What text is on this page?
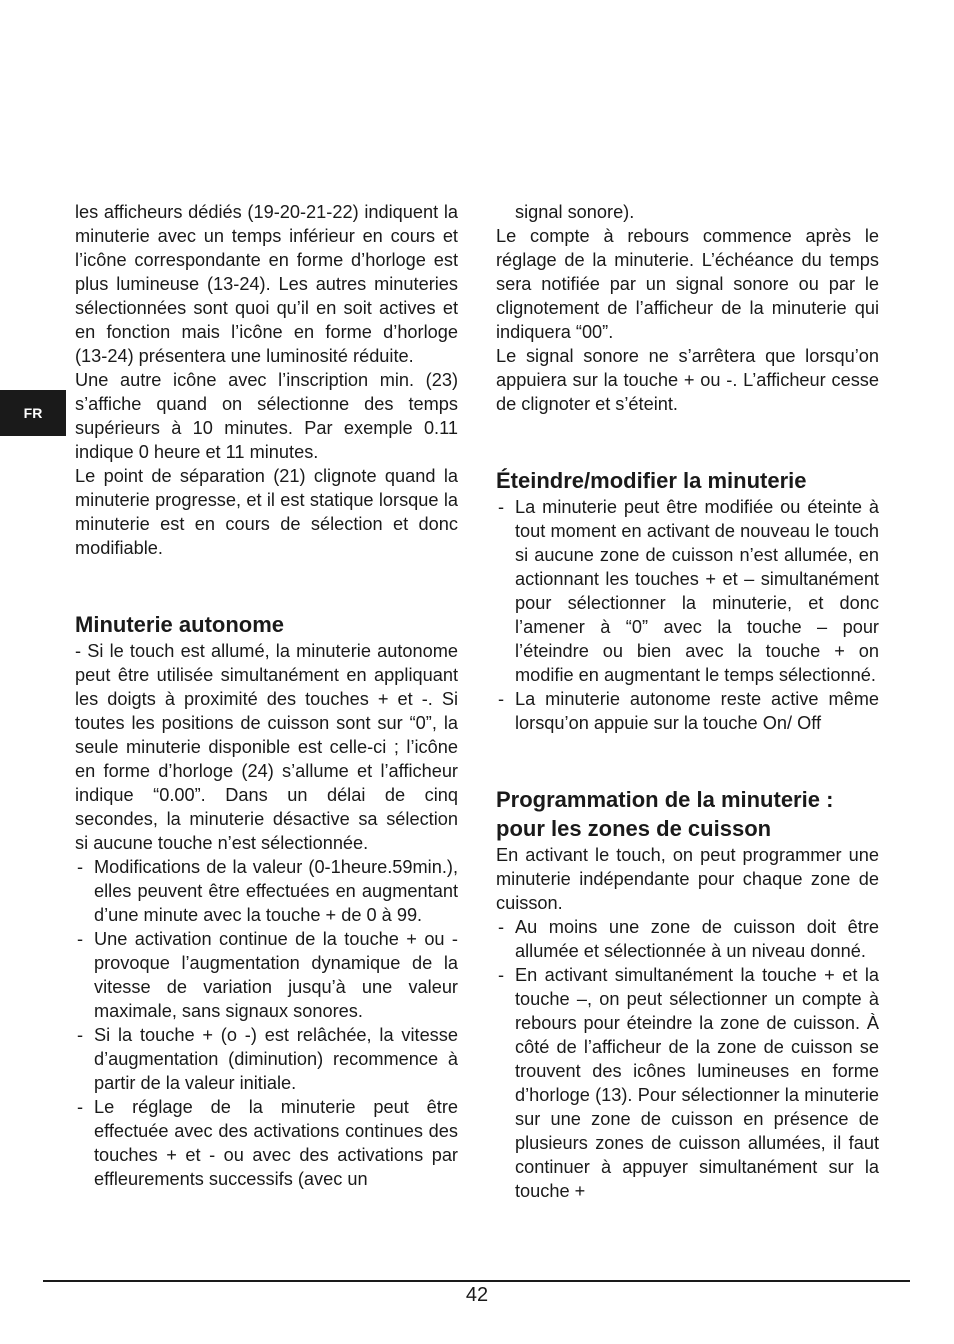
FR

les afficheurs dédiés (19-20-21-22) indiquent la minuterie avec un temps inférieur en cours et l’icône correspondante en forme d’horloge est plus lumineuse (13-24). Les autres minuteries sélectionnées sont quoi qu’il en soit actives et en fonction mais l’icône en forme d’horloge (13-24) présentera une luminosité réduite.

Une autre icône avec l’inscription min. (23) s’affiche quand on sélectionne des temps supérieurs à 10 minutes. Par exemple 0.11 indique 0 heure et 11 minutes.

Le point de séparation (21) clignote quand la minuterie progresse, et il est statique lorsque la minuterie est en cours de sélection et donc modifiable.

Minuterie autonome

- Si le touch est allumé, la minuterie autonome peut être utilisée simultanément en appliquant les doigts à proximité des touches + et -. Si toutes les positions de cuisson sont sur “0”, la seule minuterie disponible est celle-ci ; l’icône en forme d’horloge (24) s’allume et l’afficheur indique “0.00”. Dans un délai de cinq secondes, la minuterie désactive sa sélection si aucune touche n’est sélectionnée.

- Modifications de la valeur (0-1heure.59min.), elles peuvent être effectuées en augmentant d’une minute avec la touche + de 0 à 99.
- Une activation continue de la touche + ou - provoque l’augmentation dynamique de la vitesse de variation jusqu’à une valeur maximale, sans signaux sonores.
- Si la touche + (o -) est relâchée, la vitesse d’augmentation (diminution) recommence à partir de la valeur initiale.
- Le réglage de la minuterie peut être effectuée avec des activations continues des touches + et - ou avec des activations par effleurements successifs (avec un

signal sonore).

Le compte à rebours commence après le réglage de la minuterie. L’échéance du temps sera notifiée par un signal sonore ou par le clignotement de l’afficheur de la minuterie qui indiquera “00”.

Le signal sonore ne s’arrêtera que lorsqu’on appuiera sur la touche + ou -. L’afficheur cesse de clignoter et s’éteint.

Éteindre/modifier la minuterie
- La minuterie peut être modifiée ou éteinte à tout moment en activant de nouveau le touch si aucune zone de cuisson n’est allumée, en actionnant les touches + et – simultanément pour sélectionner la minuterie, et donc l’amener à “0” avec la touche – pour l’éteindre ou bien avec la touche + on modifie en augmentant le temps sélectionné.
- La minuterie autonome reste active même lorsqu’on appuie sur la touche On/ Off
Programmation de la minuterie :
pour les zones de cuisson

En activant le touch, on peut programmer une minuterie indépendante pour chaque zone de cuisson.

- Au moins une zone de cuisson doit être allumée et sélectionnée à un niveau donné.
- En activant simultanément la touche + et la touche –, on peut sélectionner un compte à rebours pour éteindre la zone de cuisson. À côté de l’afficheur de la zone de cuisson se trouvent des icônes lumineuses en forme d’horloge (13). Pour sélectionner la minuterie sur une zone de cuisson en présence de plusieurs zones de cuisson allumées, il faut continuer à appuyer simultanément sur la touche +
42
